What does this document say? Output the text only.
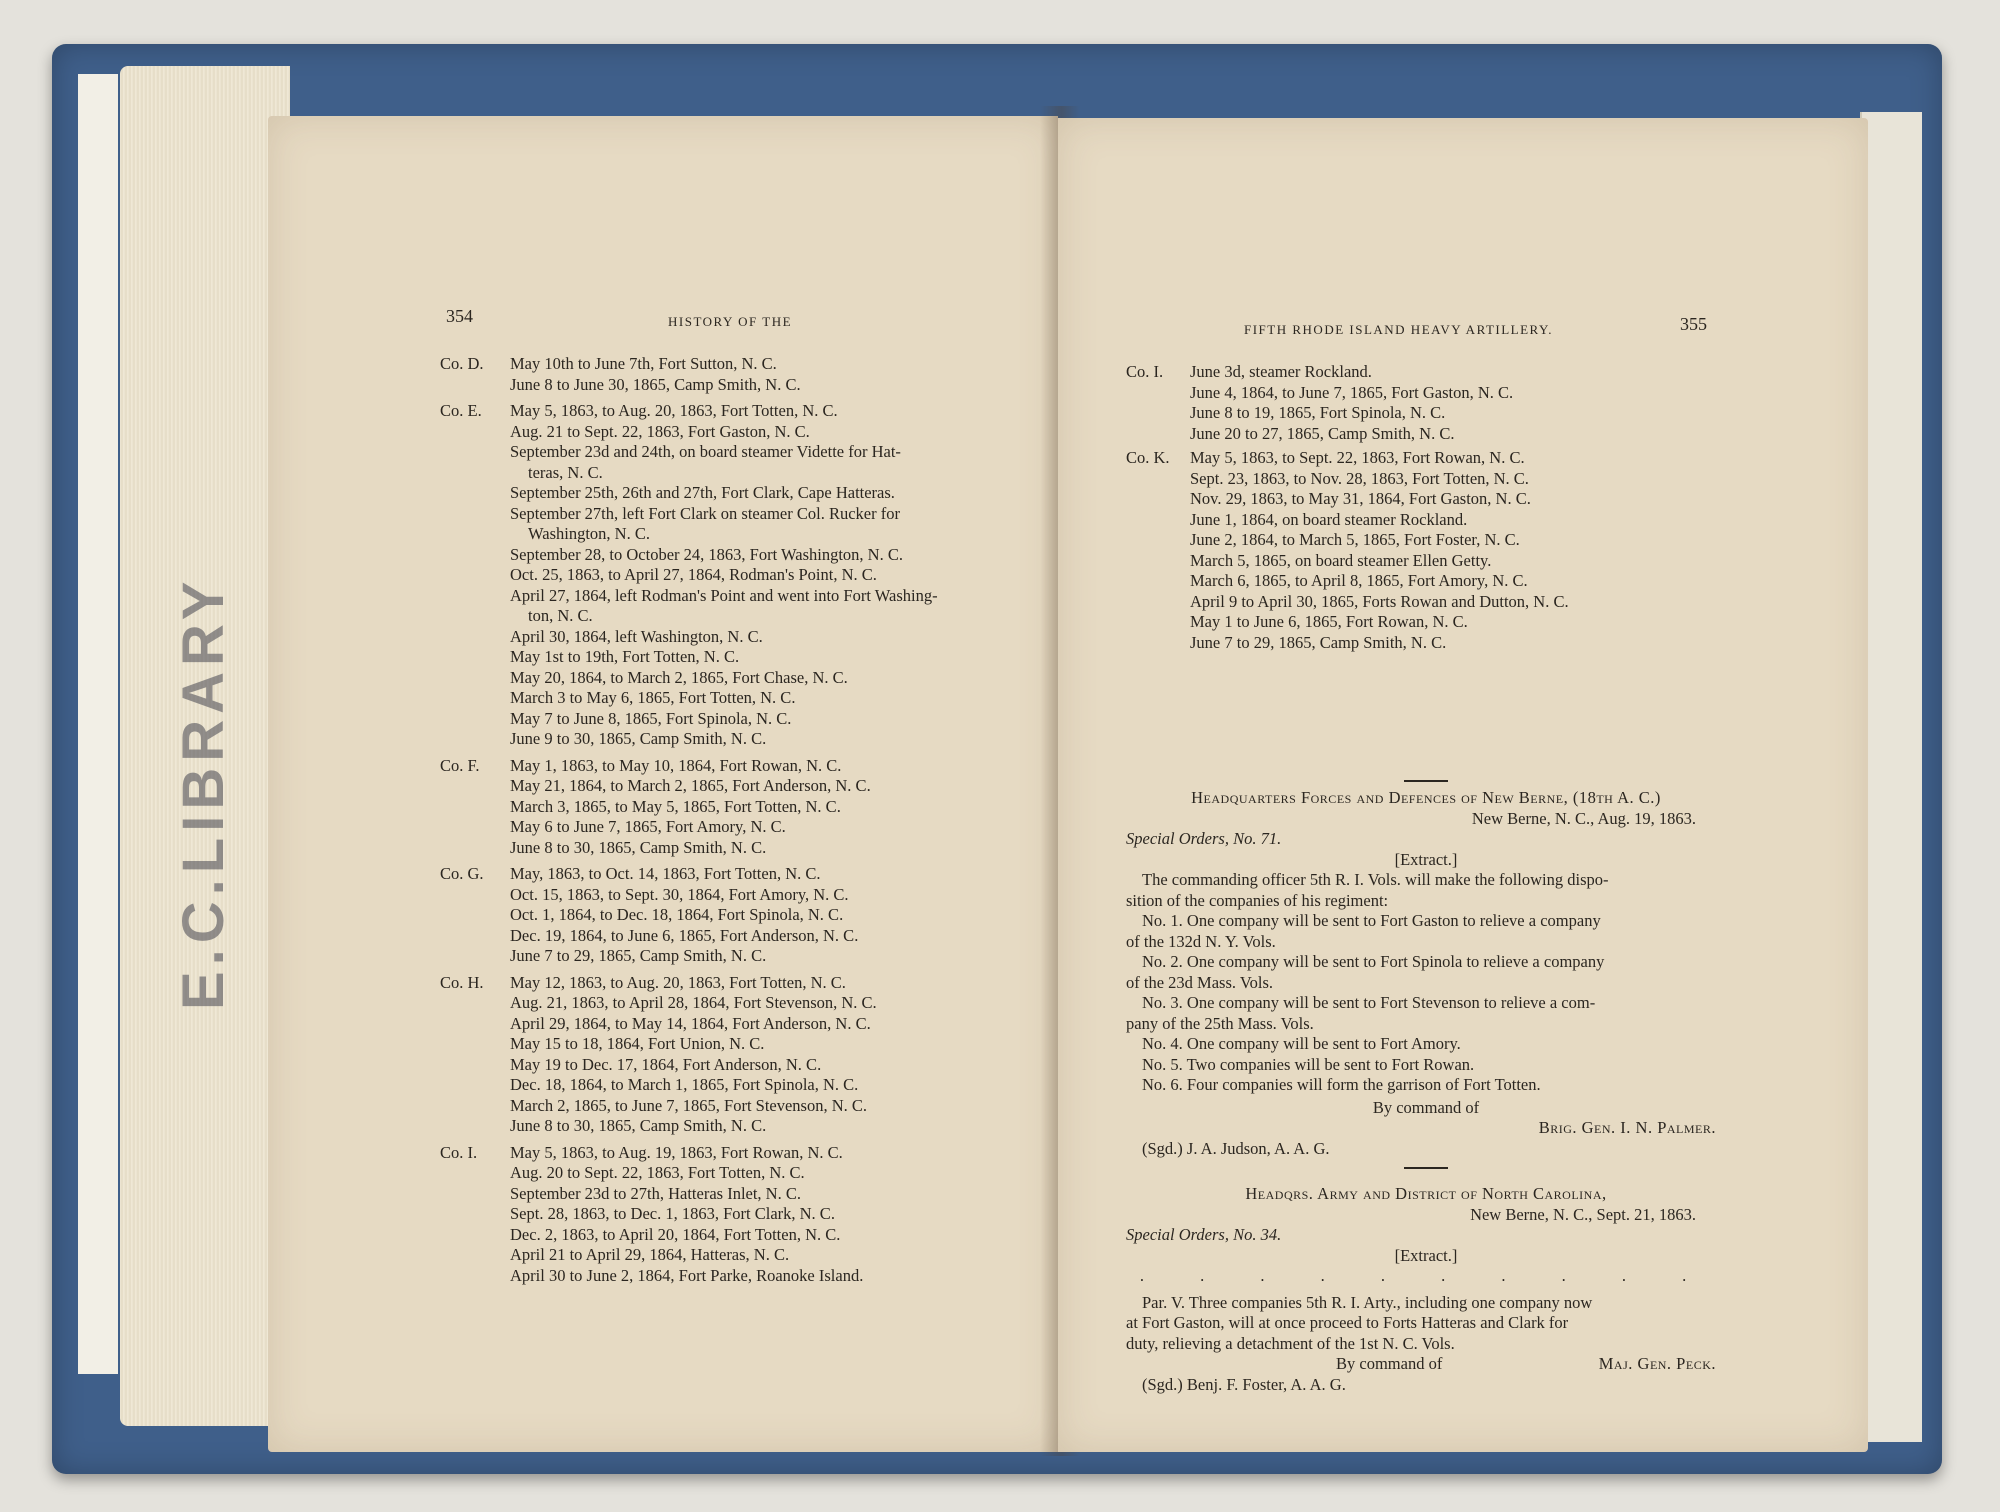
E.C.LIBRARY
354	HISTORY OF THE
Co. D.	May 10th to June 7th, Fort Sutton, N. C.
June 8 to June 30, 1865, Camp Smith, N. C.
Co. E.	May 5, 1863, to Aug. 20, 1863, Fort Totten, N. C.
Aug. 21 to Sept. 22, 1863, Fort Gaston, N. C.
September 23d and 24th, on board steamer Vidette for Hat-
teras, N. C.
September 25th, 26th and 27th, Fort Clark, Cape Hatteras.
September 27th, left Fort Clark on steamer Col. Rucker for
Washington, N. C.
September 28, to October 24, 1863, Fort Washington, N. C.
Oct. 25, 1863, to April 27, 1864, Rodman's Point, N. C.
April 27, 1864, left Rodman's Point and went into Fort Washing-
ton, N. C.
April 30, 1864, left Washington, N. C.
May 1st to 19th, Fort Totten, N. C.
May 20, 1864, to March 2, 1865, Fort Chase, N. C.
March 3 to May 6, 1865, Fort Totten, N. C.
May 7 to June 8, 1865, Fort Spinola, N. C.
June 9 to 30, 1865, Camp Smith, N. C.
Co. F.	May 1, 1863, to May 10, 1864, Fort Rowan, N. C.
May 21, 1864, to March 2, 1865, Fort Anderson, N. C.
March 3, 1865, to May 5, 1865, Fort Totten, N. C.
May 6 to June 7, 1865, Fort Amory, N. C.
June 8 to 30, 1865, Camp Smith, N. C.
Co. G.	May, 1863, to Oct. 14, 1863, Fort Totten, N. C.
Oct. 15, 1863, to Sept. 30, 1864, Fort Amory, N. C.
Oct. 1, 1864, to Dec. 18, 1864, Fort Spinola, N. C.
Dec. 19, 1864, to June 6, 1865, Fort Anderson, N. C.
June 7 to 29, 1865, Camp Smith, N. C.
Co. H.	May 12, 1863, to Aug. 20, 1863, Fort Totten, N. C.
Aug. 21, 1863, to April 28, 1864, Fort Stevenson, N. C.
April 29, 1864, to May 14, 1864, Fort Anderson, N. C.
May 15 to 18, 1864, Fort Union, N. C.
May 19 to Dec. 17, 1864, Fort Anderson, N. C.
Dec. 18, 1864, to March 1, 1865, Fort Spinola, N. C.
March 2, 1865, to June 7, 1865, Fort Stevenson, N. C.
June 8 to 30, 1865, Camp Smith, N. C.
Co. I.	May 5, 1863, to Aug. 19, 1863, Fort Rowan, N. C.
Aug. 20 to Sept. 22, 1863, Fort Totten, N. C.
September 23d to 27th, Hatteras Inlet, N. C.
Sept. 28, 1863, to Dec. 1, 1863, Fort Clark, N. C.
Dec. 2, 1863, to April 20, 1864, Fort Totten, N. C.
April 21 to April 29, 1864, Hatteras, N. C.
April 30 to June 2, 1864, Fort Parke, Roanoke Island.
FIFTH RHODE ISLAND HEAVY ARTILLERY.	355
Co. I.	June 3d, steamer Rockland.
June 4, 1864, to June 7, 1865, Fort Gaston, N. C.
June 8 to 19, 1865, Fort Spinola, N. C.
June 20 to 27, 1865, Camp Smith, N. C.
Co. K.	May 5, 1863, to Sept. 22, 1863, Fort Rowan, N. C.
Sept. 23, 1863, to Nov. 28, 1863, Fort Totten, N. C.
Nov. 29, 1863, to May 31, 1864, Fort Gaston, N. C.
June 1, 1864, on board steamer Rockland.
June 2, 1864, to March 5, 1865, Fort Foster, N. C.
March 5, 1865, on board steamer Ellen Getty.
March 6, 1865, to April 8, 1865, Fort Amory, N. C.
April 9 to April 30, 1865, Forts Rowan and Dutton, N. C.
May 1 to June 6, 1865, Fort Rowan, N. C.
June 7 to 29, 1865, Camp Smith, N. C.
Headquarters Forces and Defences of New Berne, (18th A. C.)
New Berne, N. C., Aug. 19, 1863.
Special Orders, No. 71.
[Extract.]
The commanding officer 5th R. I. Vols. will make the following dispo-
sition of the companies of his regiment:
No. 1. One company will be sent to Fort Gaston to relieve a company
of the 132d N. Y. Vols.
No. 2. One company will be sent to Fort Spinola to relieve a company
of the 23d Mass. Vols.
No. 3. One company will be sent to Fort Stevenson to relieve a com-
pany of the 25th Mass. Vols.
No. 4. One company will be sent to Fort Amory.
No. 5. Two companies will be sent to Fort Rowan.
No. 6. Four companies will form the garrison of Fort Totten.
By command of
Brig. Gen. I. N. Palmer.
(Sgd.) J. A. Judson, A. A. G.
Headqrs. Army and District of North Carolina,
New Berne, N. C., Sept. 21, 1863.
Special Orders, No. 34.
[Extract.]
. . . . . . . . . .
Par. V. Three companies 5th R. I. Arty., including one company now
at Fort Gaston, will at once proceed to Forts Hatteras and Clark for
duty, relieving a detachment of the 1st N. C. Vols.
By command of	Maj. Gen. Peck.
(Sgd.) Benj. F. Foster, A. A. G.
